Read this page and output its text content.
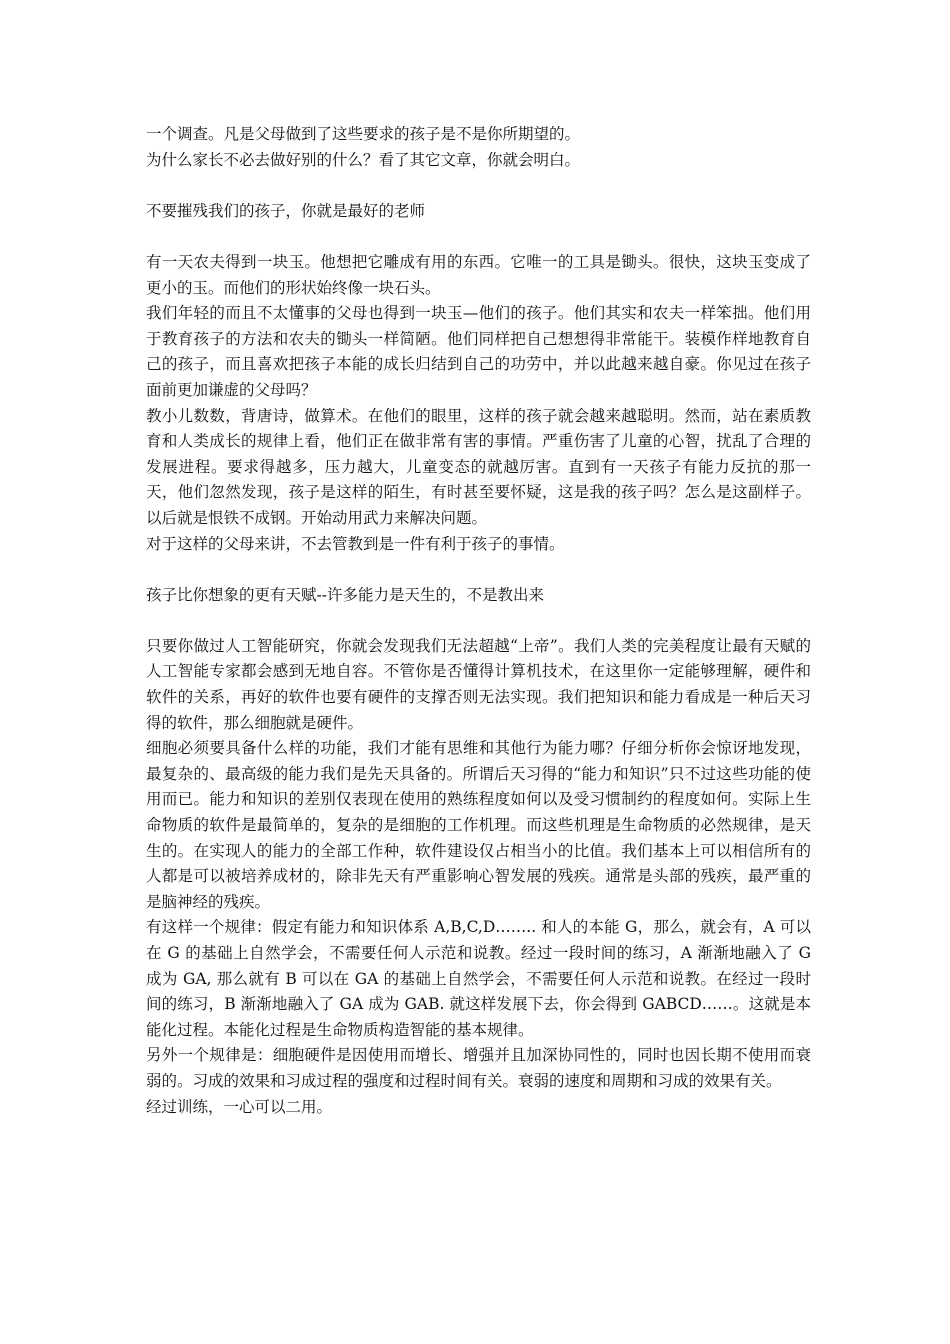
一个调查。凡是父母做到了这些要求的孩子是不是你所期望的。

为什么家长不必去做好别的什么？看了其它文章，你就会明白。

不要摧残我们的孩子，你就是最好的老师

有一天农夫得到一块玉。他想把它雕成有用的东西。它唯一的工具是锄头。很快，这块玉变成了更小的玉。而他们的形状始终像一块石头。

我们年轻的而且不太懂事的父母也得到一块玉—他们的孩子。他们其实和农夫一样笨拙。他们用于教育孩子的方法和农夫的锄头一样简陋。他们同样把自己想想得非常能干。装模作样地教育自己的孩子，而且喜欢把孩子本能的成长归结到自己的功劳中，并以此越来越自豪。你见过在孩子面前更加谦虚的父母吗？

教小儿数数，背唐诗，做算术。在他们的眼里，这样的孩子就会越来越聪明。然而，站在素质教育和人类成长的规律上看，他们正在做非常有害的事情。严重伤害了儿童的心智，扰乱了合理的发展进程。要求得越多，压力越大，儿童变态的就越厉害。直到有一天孩子有能力反抗的那一天，他们忽然发现，孩子是这样的陌生，有时甚至要怀疑，这是我的孩子吗？怎么是这副样子。以后就是恨铁不成钢。开始动用武力来解决问题。

对于这样的父母来讲，不去管教到是一件有利于孩子的事情。

孩子比你想象的更有天赋--许多能力是天生的，不是教出来

只要你做过人工智能研究，你就会发现我们无法超越“上帝”。我们人类的完美程度让最有天赋的人工智能专家都会感到无地自容。不管你是否懂得计算机技术，在这里你一定能够理解，硬件和软件的关系，再好的软件也要有硬件的支撑否则无法实现。我们把知识和能力看成是一种后天习得的软件，那么细胞就是硬件。

细胞必须要具备什么样的功能，我们才能有思维和其他行为能力哪？仔细分析你会惊讶地发现，最复杂的、最高级的能力我们是先天具备的。所谓后天习得的“能力和知识”只不过这些功能的使用而已。能力和知识的差别仅表现在使用的熟练程度如何以及受习惯制约的程度如何。实际上生命物质的软件是最简单的，复杂的是细胞的工作机理。而这些机理是生命物质的必然规律，是天生的。在实现人的能力的全部工作种，软件建设仅占相当小的比值。我们基本上可以相信所有的人都是可以被培养成材的，除非先天有严重影响心智发展的残疾。通常是头部的残疾，最严重的是脑神经的残疾。

有这样一个规律：假定有能力和知识体系 A,B,C,D…….. 和人的本能 G，那么，就会有，A 可以在 G 的基础上自然学会，不需要任何人示范和说教。经过一段时间的练习，A 渐渐地融入了 G 成为 GA, 那么就有 B 可以在 GA 的基础上自然学会，不需要任何人示范和说教。在经过一段时间的练习，B 渐渐地融入了 GA 成为 GAB. 就这样发展下去，你会得到 GABCD……。这就是本能化过程。本能化过程是生命物质构造智能的基本规律。

另外一个规律是：细胞硬件是因使用而增长、增强并且加深协同性的，同时也因长期不使用而衰弱的。习成的效果和习成过程的强度和过程时间有关。衰弱的速度和周期和习成的效果有关。

经过训练，一心可以二用。
